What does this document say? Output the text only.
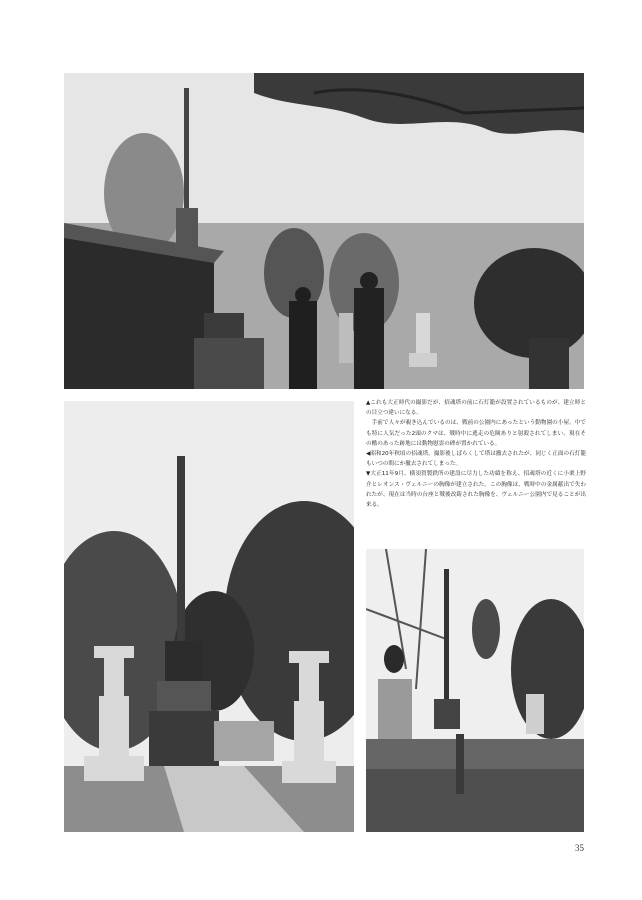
▲これも大正時代の撮影だが、招魂塔の前に石灯籠が設置されているものが、建立時との目立つ違いになる。

　手前で人々が覗き込んでいるのは、戦前の公園内にあったという動物園の小屋。中でも特に人気だった2頭のクマは、戦時中に逃走の危険ありと射殺されてしまい、現在その檻のあった跡地には動物慰霊の碑が置かれている。

◀昭和20年秋頃の招魂塔。撮影後しばらくして塔は撤去されたが、同じく正面の石灯籠もいつの間にか撤去されてしまった。

▼大正11年9月、横須賀製鉄所の建設に尽力した功績を称え、招魂塔の近くに小栗上野介とレオンス・ヴェルニーの胸像が建立された。この胸像は、戦時中の金属献出で失われたが、現在は当時の台座と戦後改鋳された胸像を、ヴェルニー公園内で見ることが出来る。

35
